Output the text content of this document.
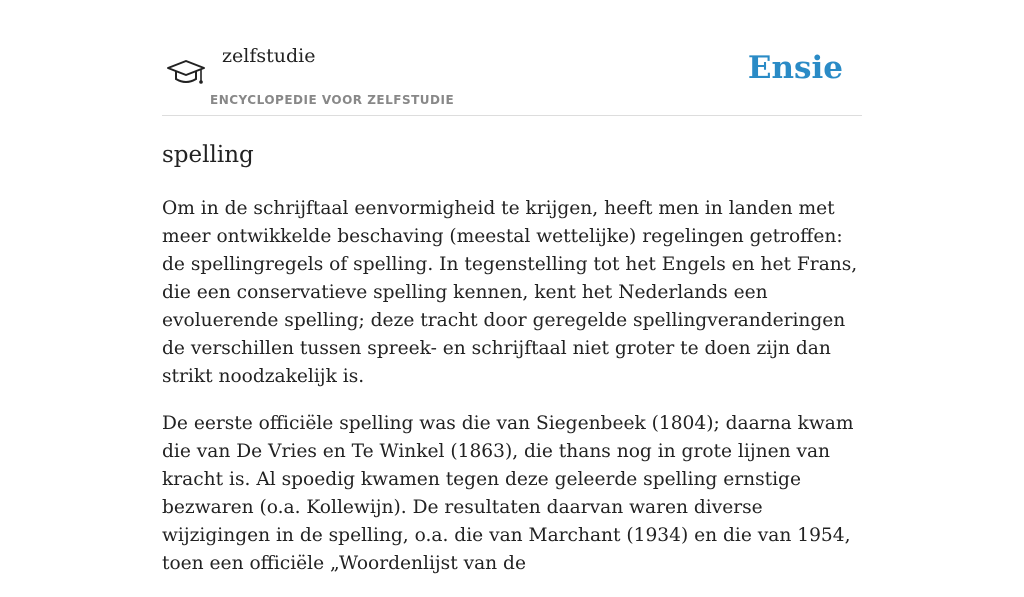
zelfstudie
ENCYCLOPEDIE VOOR ZELFSTUDIE
Ensie
spelling

Om in de schrijftaal eenvormigheid te krijgen, heeft men in landen met meer ontwikkelde beschaving (meestal wettelijke) regelingen getroffen: de spellingregels of spelling. In tegenstelling tot het Engels en het Frans, die een conservatieve spelling kennen, kent het Nederlands een evoluerende spelling; deze tracht door geregelde spellingveranderingen de verschillen tussen spreek- en schrijftaal niet groter te doen zijn dan strikt noodzakelijk is.

De eerste officiële spelling was die van Siegenbeek (1804); daarna kwam die van De Vries en Te Winkel (1863), die thans nog in grote lijnen van kracht is. Al spoedig kwamen tegen deze geleerde spelling ernstige bezwaren (o.a. Kollewijn). De resultaten daarvan waren diverse wijzigingen in de spelling, o.a. die van Marchant (1934) en die van 1954, toen een officiële „Woordenlijst van de
